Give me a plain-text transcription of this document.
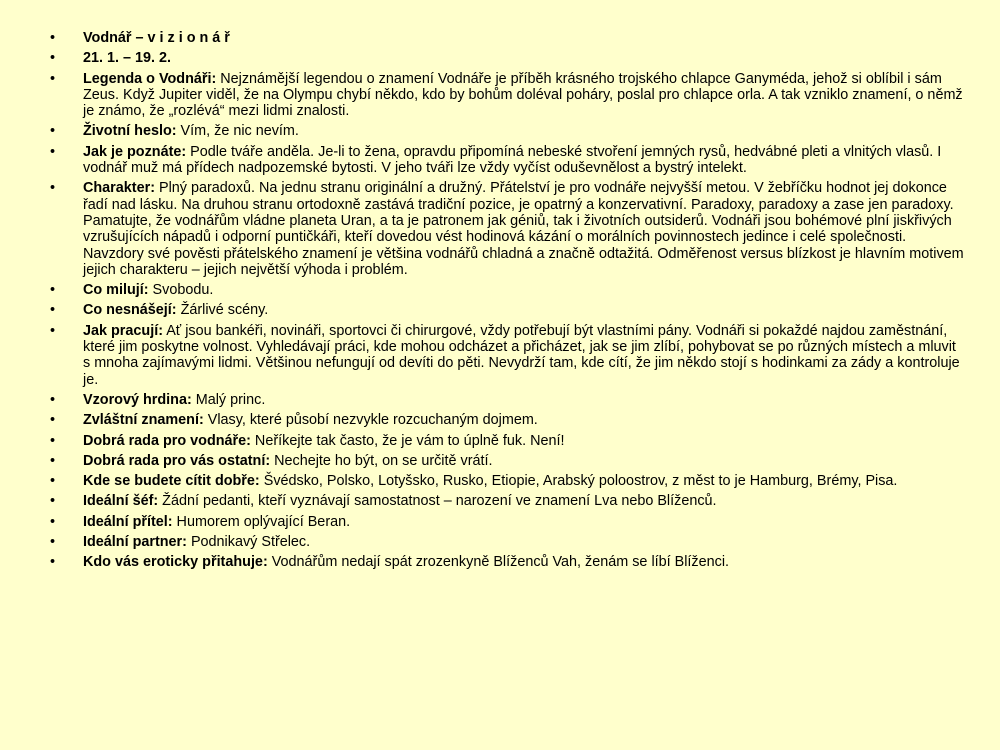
•	Vodnář – v i z i o n á ř
•	21. 1. – 19. 2.
•	Legenda o Vodnáři: Nejznámější legendou o znamení Vodnáře je příběh krásného trojského chlapce Ganyméda, jehož si oblíbil i sám Zeus. Když Jupiter viděl, že na Olympu chybí někdo, kdo by bohům doléval poháry, poslal pro chlapce orla. A tak vzniklo znamení, o němž je známo, že „rozlévá“ mezi lidmi znalosti.
•	Životní heslo: Vím, že nic nevím.
•	Jak je poznáte: Podle tváře anděla. Je-li to žena, opravdu připomíná nebeské stvoření jemných rysů, hedvábné pleti a vlnitých vlasů. I vodnář muž má přídech nadpozemské bytosti. V jeho tváři lze vždy vyčíst oduševnělost a bystrý intelekt.
•	Charakter: Plný paradoxů. Na jednu stranu originální a družný. Přátelství je pro vodnáře nejvyšší metou. V žebříčku hodnot jej dokonce řadí nad lásku. Na druhou stranu ortodoxně zastává tradiční pozice, je opatrný a konzervativní. Paradoxy, paradoxy a zase jen paradoxy. Pamatujte, že vodnářům vládne planeta Uran, a ta je patronem jak géniů, tak i životních outsiderů. Vodnáři jsou bohémové plní jiskřivých vzrušujících nápadů i odporní puntičkáři, kteří dovedou vést hodinová kázání o morálních povinnostech jedince i celé společnosti. Navzdory své pověsti přátelského znamení je většina vodnářů chladná a značně odtažitá. Odměřenost versus blízkost je hlavním motivem jejich charakteru – jejich největší výhoda i problém.
•	Co milují: Svobodu.
•	Co nesnášejí: Žárlivé scény.
•	Jak pracují: Ať jsou bankéři, novináři, sportovci či chirurgové, vždy potřebují být vlastními pány. Vodnáři si pokaždé najdou zaměstnání, které jim poskytne volnost. Vyhledávají práci, kde mohou odcházet a přicházet, jak se jim zlíbí, pohybovat se po různých místech a mluvit s mnoha zajímavými lidmi. Většinou nefungují od devíti do pěti. Nevydrží tam, kde cítí, že jim někdo stojí s hodinkami za zády a kontroluje je.
•	Vzorový hrdina: Malý princ.
•	Zvláštní znamení: Vlasy, které působí nezvykle rozcuchaným dojmem.
•	Dobrá rada pro vodnáře: Neříkejte tak často, že je vám to úplně fuk. Není!
•	Dobrá rada pro vás ostatní: Nechejte ho být, on se určitě vrátí.
•	Kde se budete cítit dobře: Švédsko, Polsko, Lotyšsko, Rusko, Etiopie, Arabský poloostrov, z měst to je Hamburg, Brémy, Pisa.
•	Ideální šéf: Žádní pedanti, kteří vyznávají samostatnost – narození ve znamení Lva nebo Blíženců.
•	Ideální přítel: Humorem oplývající Beran.
•	Ideální partner: Podnikavý Střelec.
•	Kdo vás eroticky přitahuje: Vodnářům nedají spát zrozenkyně Blíženců Vah, ženám se líbí Blíženci.
